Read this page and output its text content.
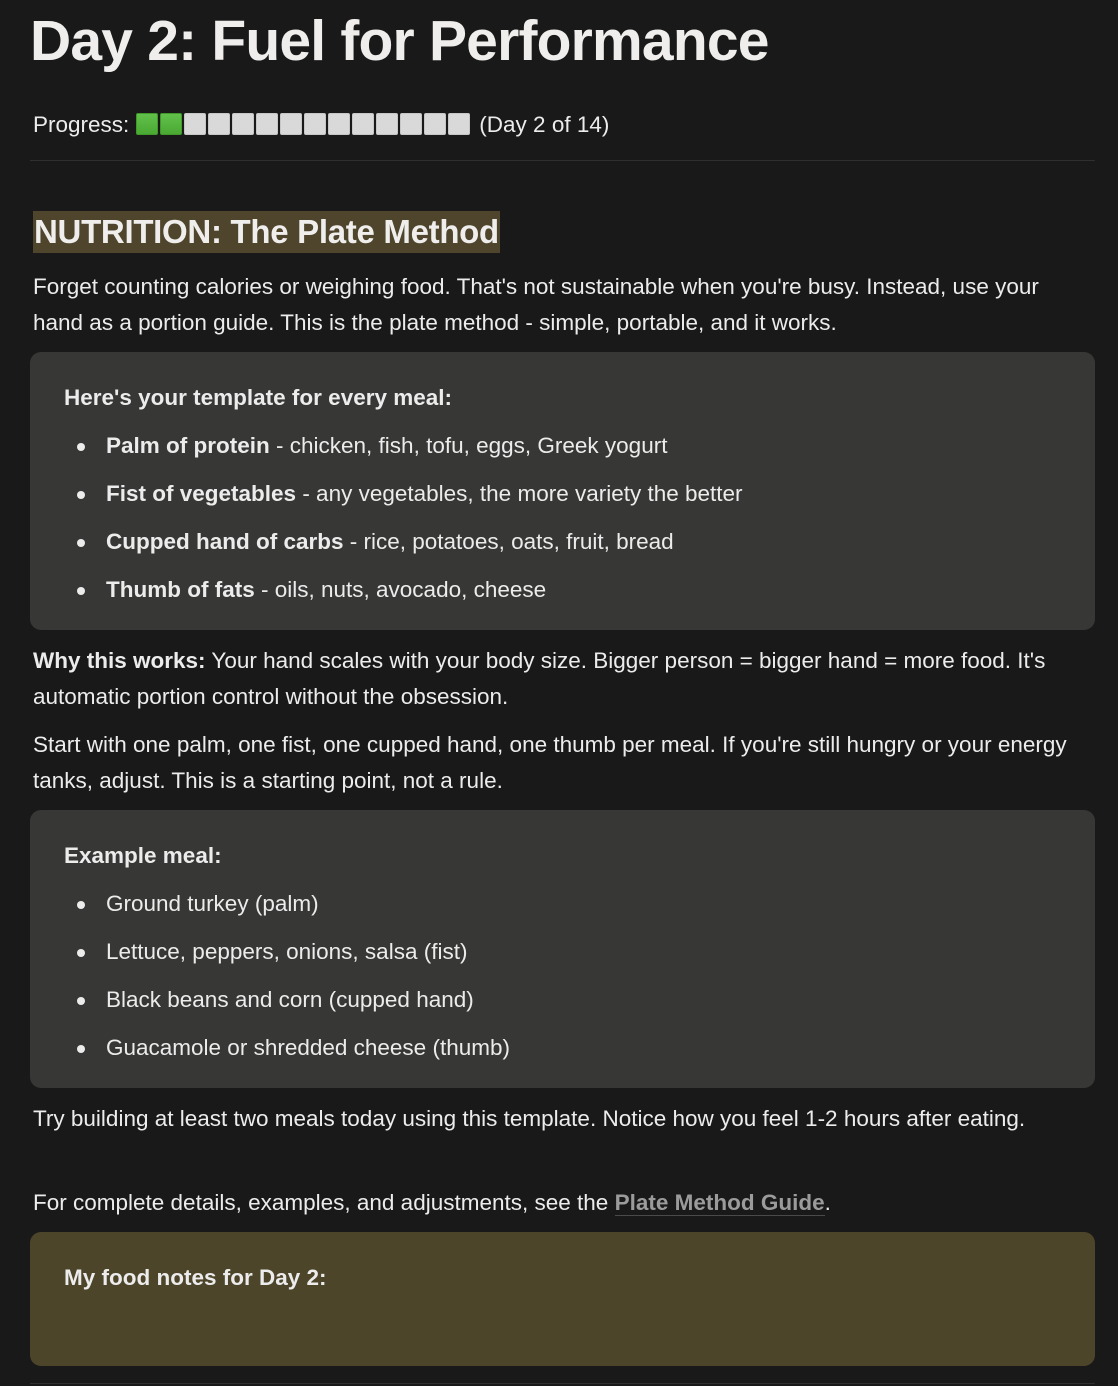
Day 2: Fuel for Performance
Progress:	(Day 2 of 14)
NUTRITION: The Plate Method

Forget counting calories or weighing food. That's not sustainable when you're busy. Instead, use your hand as a portion guide. This is the plate method - simple, portable, and it works.

Here's your template for every meal:

Palm of protein - chicken, fish, tofu, eggs, Greek yogurt
Fist of vegetables - any vegetables, the more variety the better
Cupped hand of carbs - rice, potatoes, oats, fruit, bread
Thumb of fats - oils, nuts, avocado, cheese

Why this works: Your hand scales with your body size. Bigger person = bigger hand = more food. It's automatic portion control without the obsession.

Start with one palm, one fist, one cupped hand, one thumb per meal. If you're still hungry or your energy tanks, adjust. This is a starting point, not a rule.

Example meal:

Ground turkey (palm)
Lettuce, peppers, onions, salsa (fist)
Black beans and corn (cupped hand)
Guacamole or shredded cheese (thumb)

Try building at least two meals today using this template. Notice how you feel 1-2 hours after eating.

For complete details, examples, and adjustments, see the Plate Method Guide.

My food notes for Day 2:
